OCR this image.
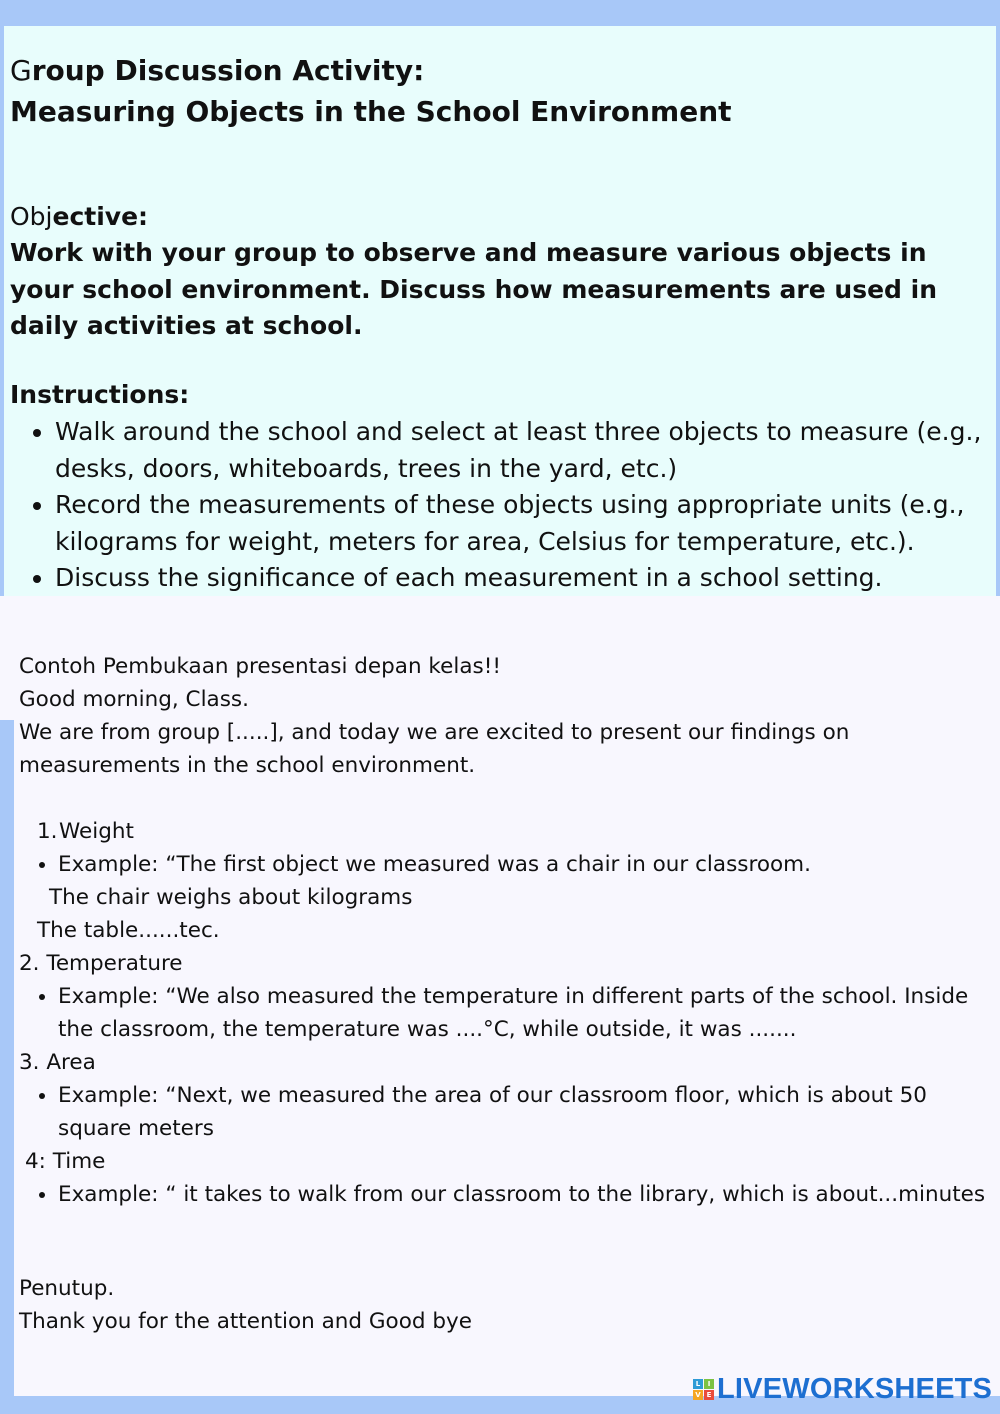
Group Discussion Activity:
Measuring Objects in the School Environment

Objective:

Work with your group to observe and measure various objects in your school environment. Discuss how measurements are used in daily activities at school.

Instructions:

• Walk around the school and select at least three objects to measure (e.g., desks, doors, whiteboards, trees in the yard, etc.)
• Record the measurements of these objects using appropriate units (e.g., kilograms for weight, meters for area, Celsius for temperature, etc.).
• Discuss the significance of each measurement in a school setting.

Contoh Pembukaan presentasi depan kelas!!

Good morning, Class.

We are from group [.....], and today we are excited to present our findings on measurements in the school environment.

1.Weight

• Example: “The first object we measured was a chair in our classroom.

The chair weighs about kilograms

The table......tec.

2. Temperature

• Example: “We also measured the temperature in different parts of the school. Inside the classroom, the temperature was ....°C, while outside, it was .......

3. Area

• Example: “Next, we measured the area of our classroom floor, which is about 50 square meters

4: Time

• Example: “ it takes to walk from our classroom to the library, which is about...minutes

Penutup.

Thank you for the attention and Good bye

L	I
V E LIVEWORKSHEETS
